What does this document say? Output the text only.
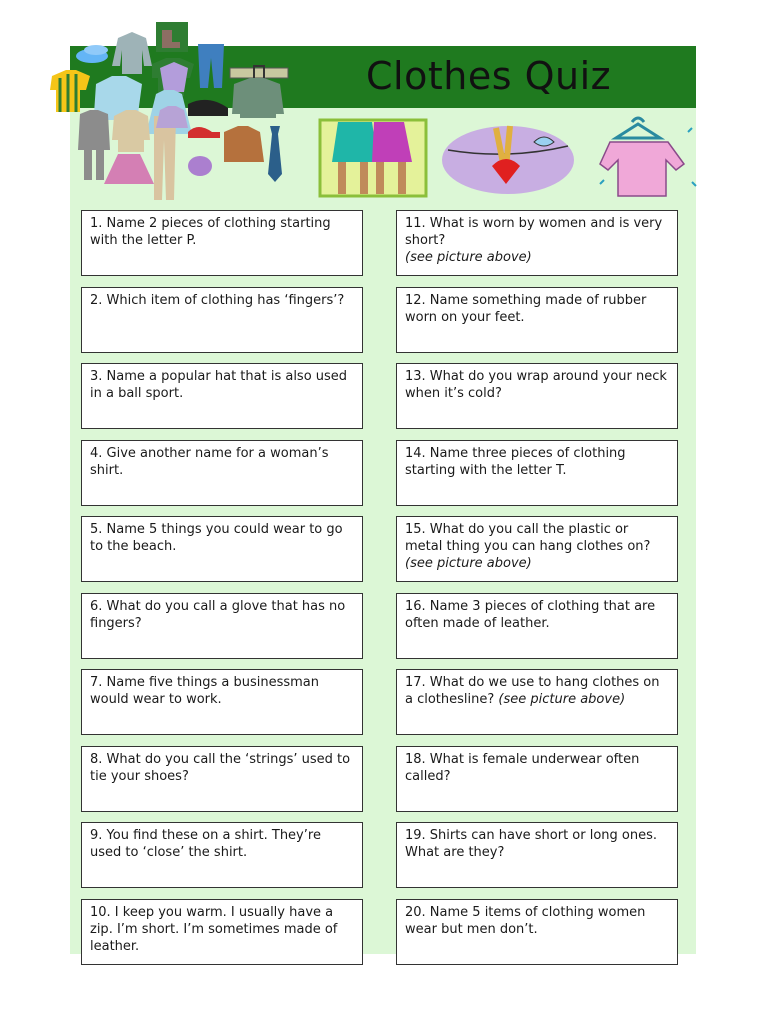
Clothes Quiz
1. Name 2 pieces of clothing starting with the letter P.
2. Which item of clothing has ‘fingers’?
3. Name a popular hat that is also used in a ball sport.
4. Give another name for a woman’s shirt.
5. Name 5 things you could wear to go to the beach.
6. What do you call a glove that has no fingers?
7. Name five things a businessman would wear to work.
8. What do you call the ‘strings’ used to tie your shoes?
9. You find these on a shirt. They’re used to ‘close’ the shirt.
10. I keep you warm. I usually have a zip. I’m short. I’m sometimes made of leather.
11. What is worn by women and is very short?
(see picture above)
12. Name something made of rubber worn on your feet.
13. What do you wrap around your neck when it’s cold?
14. Name three pieces of clothing starting with the letter T.
15. What do you call the plastic or metal thing you can hang clothes on?
(see picture above)
16. Name 3 pieces of clothing that are often made of leather.
17. What do we use to hang clothes on a clothesline? (see picture above)
18. What is female underwear often called?
19. Shirts can have short or long ones. What are they?
20. Name 5 items of clothing women wear but men don’t.
